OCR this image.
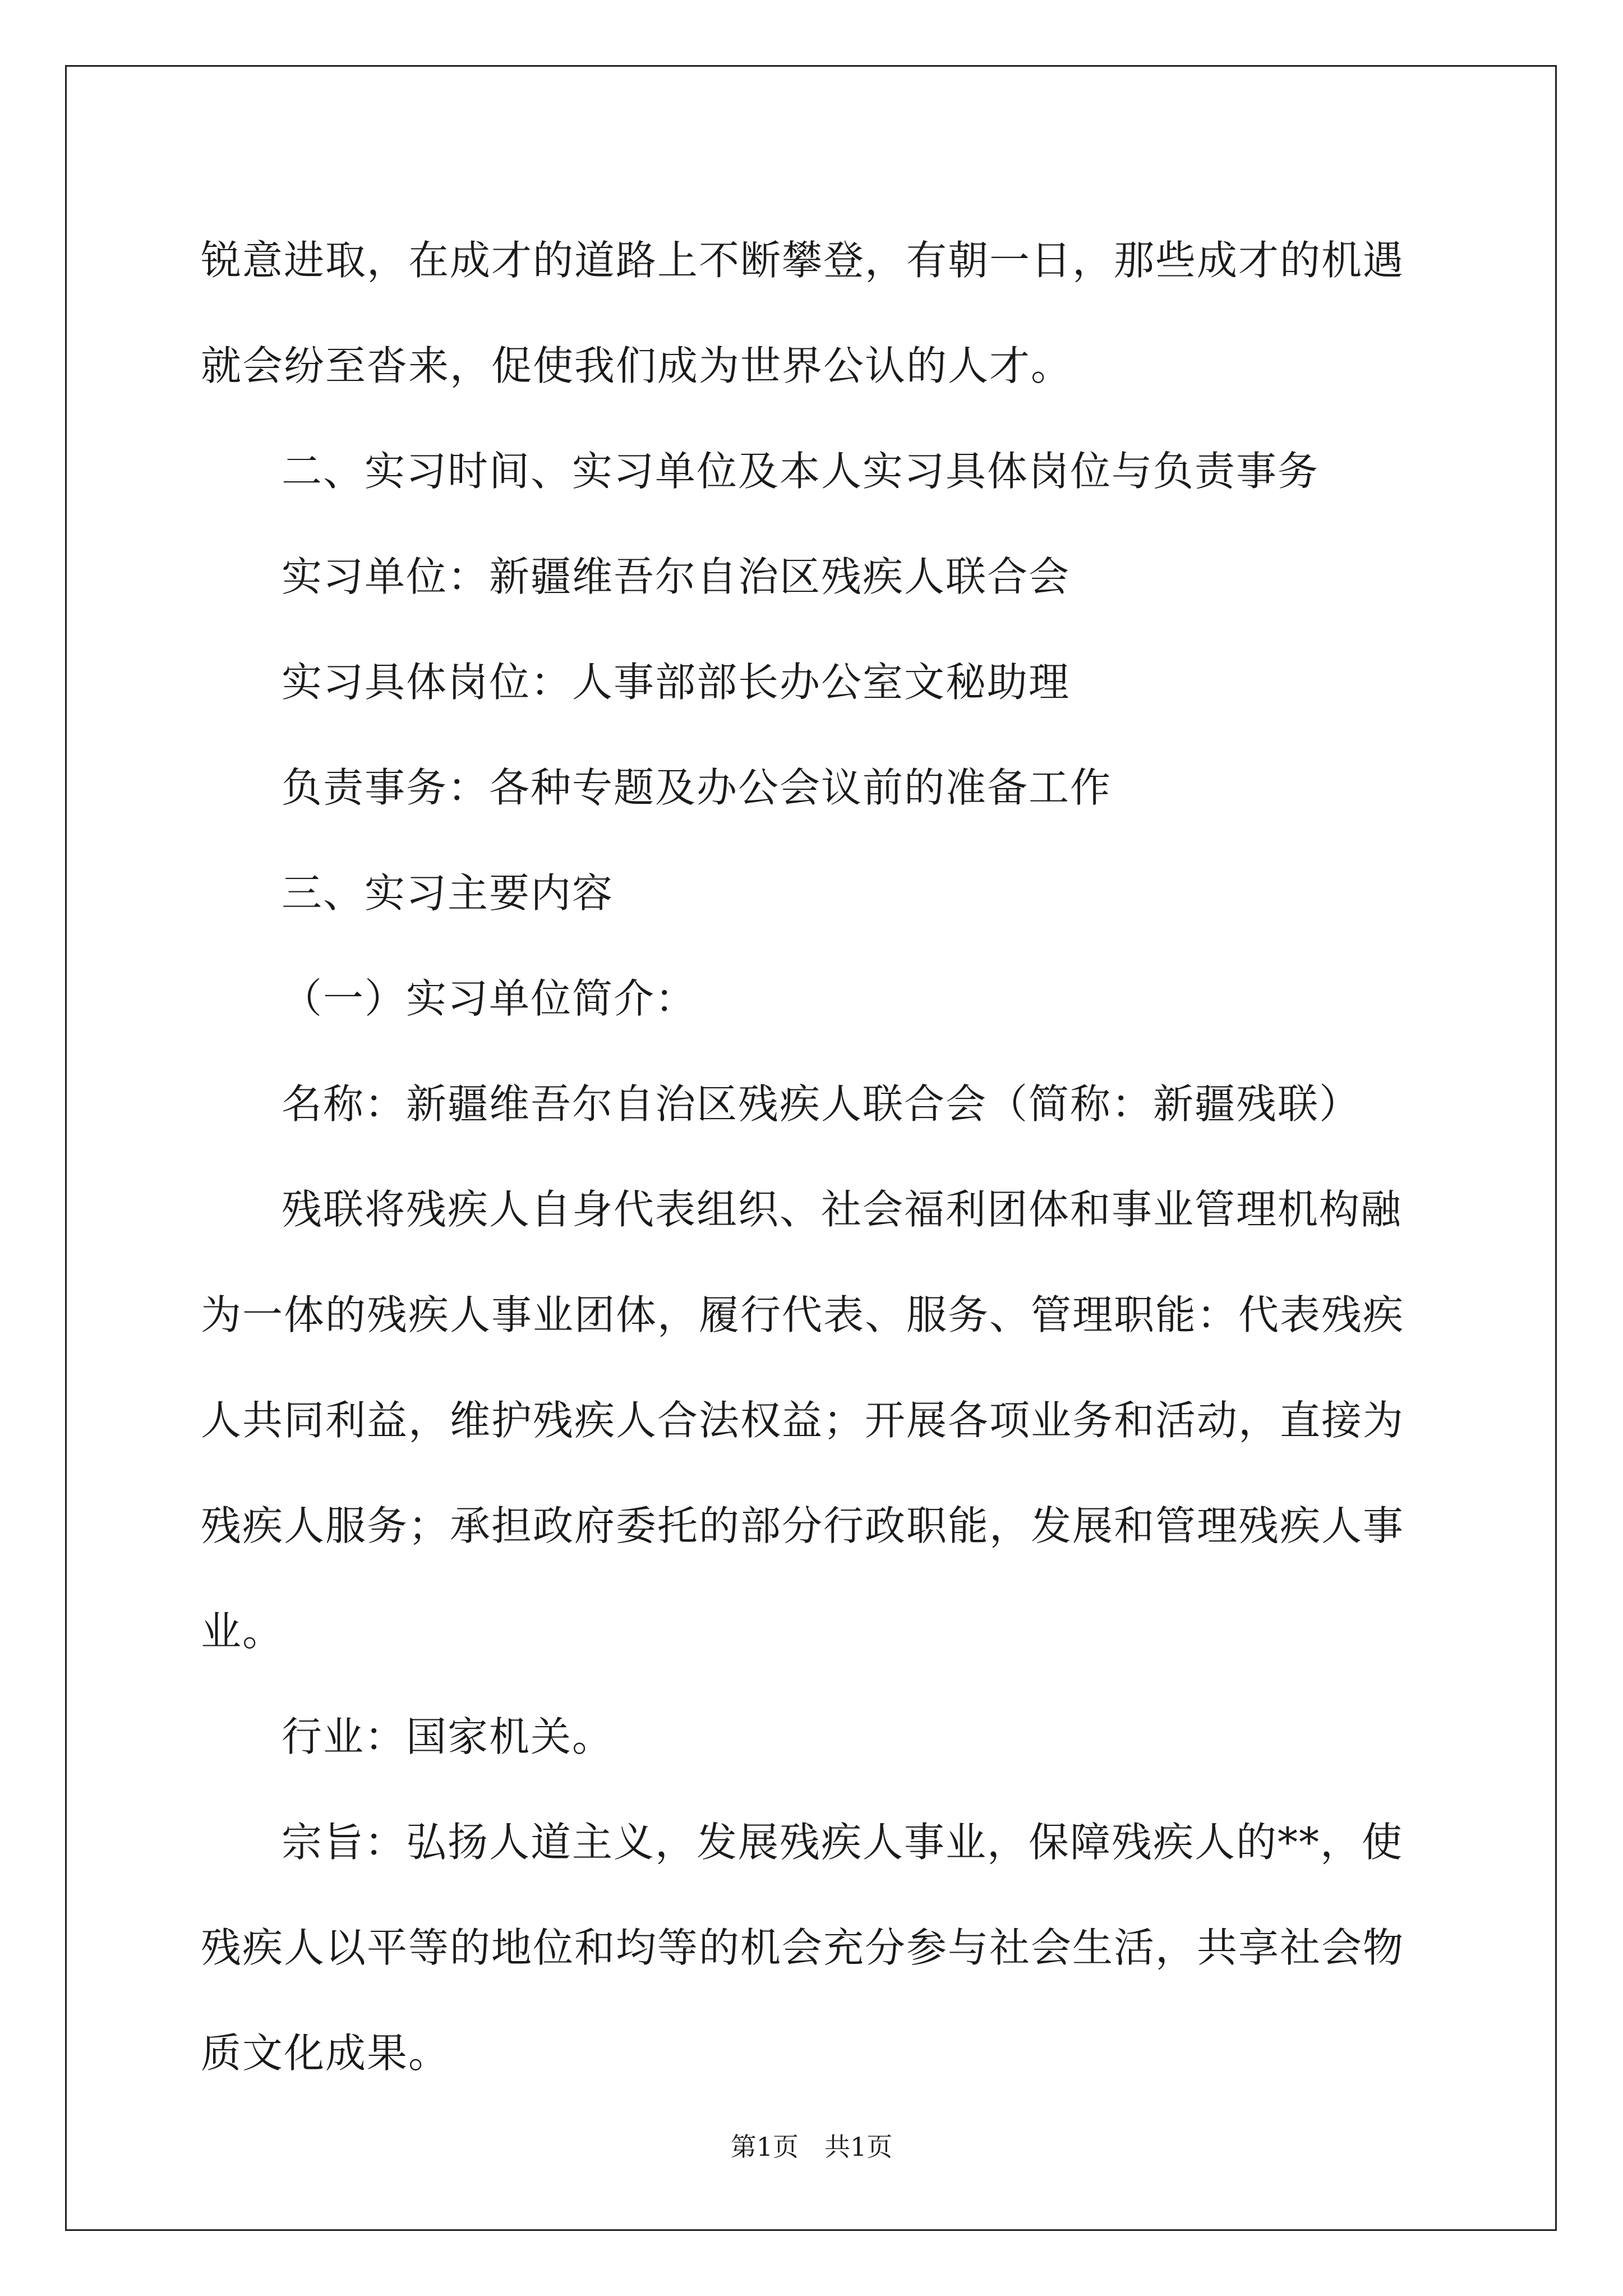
锐意进取，在成才的道路上不断攀登，有朝一日，那些成才的机遇就会纷至沓来，促使我们成为世界公认的人才。

二、实习时间、实习单位及本人实习具体岗位与负责事务

实习单位：新疆维吾尔自治区残疾人联合会

实习具体岗位：人事部部长办公室文秘助理

负责事务：各种专题及办公会议前的准备工作

三、实习主要内容

（一）实习单位简介：

名称：新疆维吾尔自治区残疾人联合会（简称：新疆残联）

残联将残疾人自身代表组织、社会福利团体和事业管理机构融为一体的残疾人事业团体，履行代表、服务、管理职能：代表残疾人共同利益，维护残疾人合法权益；开展各项业务和活动，直接为残疾人服务；承担政府委托的部分行政职能，发展和管理残疾人事业。

行业：国家机关。

宗旨：弘扬人道主义，发展残疾人事业，保障残疾人的**，使残疾人以平等的地位和均等的机会充分参与社会生活，共享社会物质文化成果。

第1页　共1页
